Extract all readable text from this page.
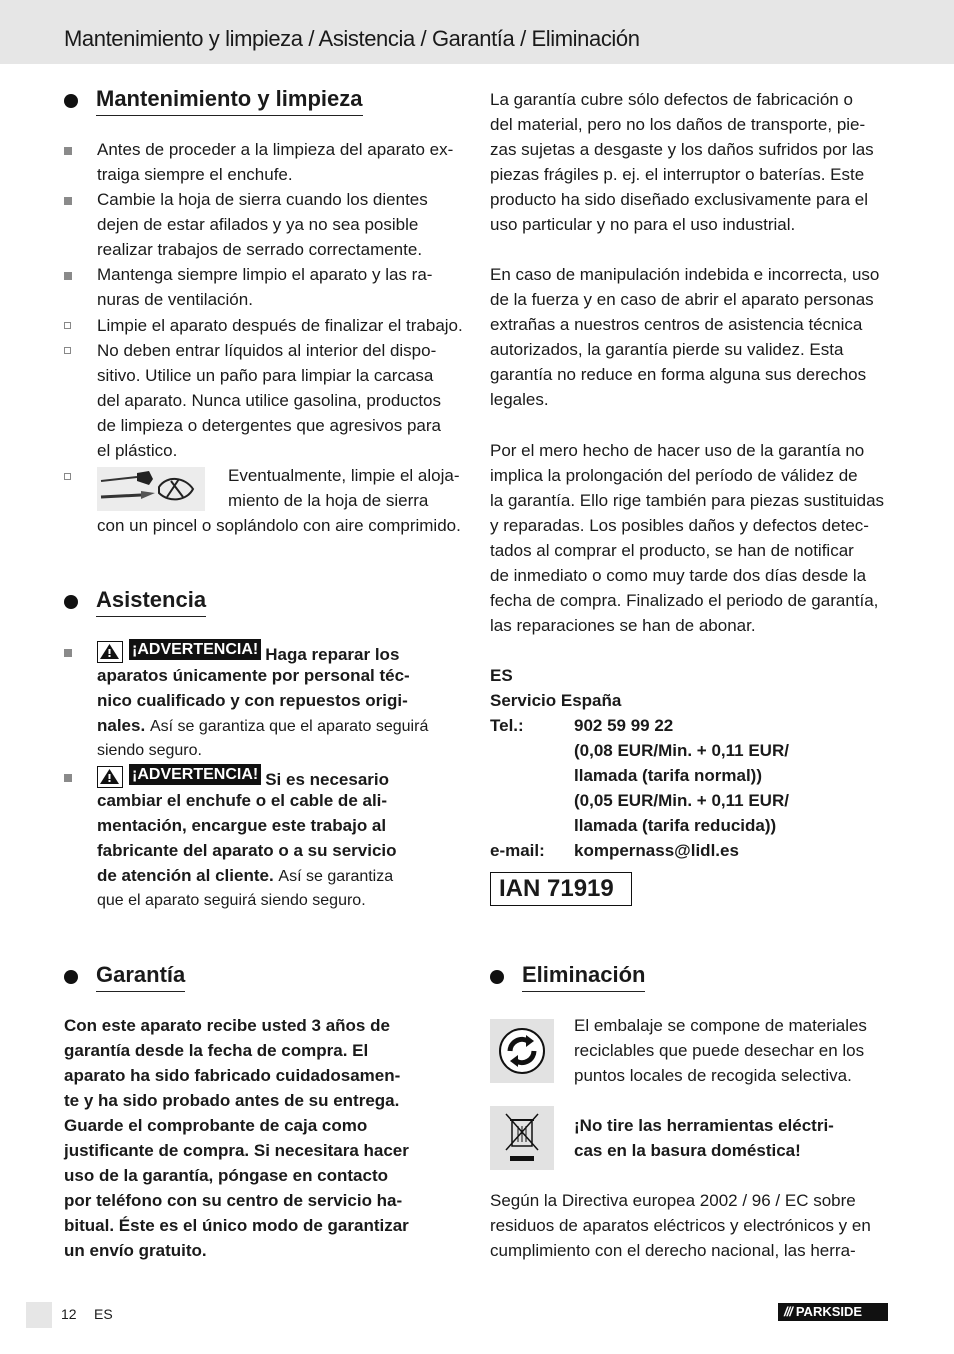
Mantenimiento y limpieza / Asistencia / Garantía / Eliminación
Mantenimiento y limpieza
Antes de proceder a la limpieza del aparato ex-
traiga siempre el enchufe.
Cambie la hoja de sierra cuando los dientes
dejen de estar afilados y ya no sea posible
realizar trabajos de serrado correctamente.
Mantenga siempre limpio el aparato y las ra-
nuras de ventilación.
Limpie el aparato después de finalizar el trabajo.
No deben entrar líquidos al interior del dispo-
sitivo. Utilice un paño para limpiar la carcasa
del aparato. Nunca utilice gasolina, productos
de limpieza o detergentes que agresivos para
el plástico.
Eventualmente, limpie el aloja-
miento de la hoja de sierra
con un pincel o soplándolo con aire comprimido.
Asistencia
¡ADVERTENCIA! Haga reparar los
aparatos únicamente por personal téc-
nico cualificado y con repuestos origi-
nales. Así se garantiza que el aparato seguirá
siendo seguro.
¡ADVERTENCIA! Si es necesario
cambiar el enchufe o el cable de ali-
mentación, encargue este trabajo al
fabricante del aparato o a su servicio
de atención al cliente. Así se garantiza
que el aparato seguirá siendo seguro.
Garantía
Con este aparato recibe usted 3 años de
garantía desde la fecha de compra. El
aparato ha sido fabricado cuidadosamen-
te y ha sido probado antes de su entrega.
Guarde el comprobante de caja como
justificante de compra. Si necesitara hacer
uso de la garantía, póngase en contacto
por teléfono con su centro de servicio ha-
bitual. Éste es el único modo de garantizar
un envío gratuito.
La garantía cubre sólo defectos de fabricación o
del material, pero no los daños de transporte, pie-
zas sujetas a desgaste y los daños sufridos por las
piezas frágiles p. ej. el interruptor o baterías. Este
producto ha sido diseñado exclusivamente para el
uso particular y no para el uso industrial.
En caso de manipulación indebida e incorrecta, uso
de la fuerza y en caso de abrir el aparato personas
extrañas a nuestros centros de asistencia técnica
autorizados, la garantía pierde su validez. Esta
garantía no reduce en forma alguna sus derechos
legales.
Por el mero hecho de hacer uso de la garantía no
implica la prolongación del período de válidez de
la garantía. Ello rige también para piezas sustituidas
y reparadas. Los posibles daños y defectos detec-
tados al comprar el producto, se han de notificar
de inmediato o como muy tarde dos días desde la
fecha de compra. Finalizado el periodo de garantía,
las reparaciones se han de abonar.
ES
Servicio España
Tel.:	902 59 99 22
(0,08 EUR/Min. + 0,11 EUR/
llamada (tarifa normal))
(0,05 EUR/Min. + 0,11 EUR/
llamada (tarifa reducida))
e-mail: kompernass@lidl.es
IAN 71919
Eliminación
El embalaje se compone de materiales
reciclables que puede desechar en los
puntos locales de recogida selectiva.
¡No tire las herramientas eléctri-
cas en la basura doméstica!
Según la Directiva europea 2002 / 96 / EC sobre
residuos de aparatos eléctricos y electrónicos y en
cumplimiento con el derecho nacional, las herra-
12 ES	/// PARKSIDE
